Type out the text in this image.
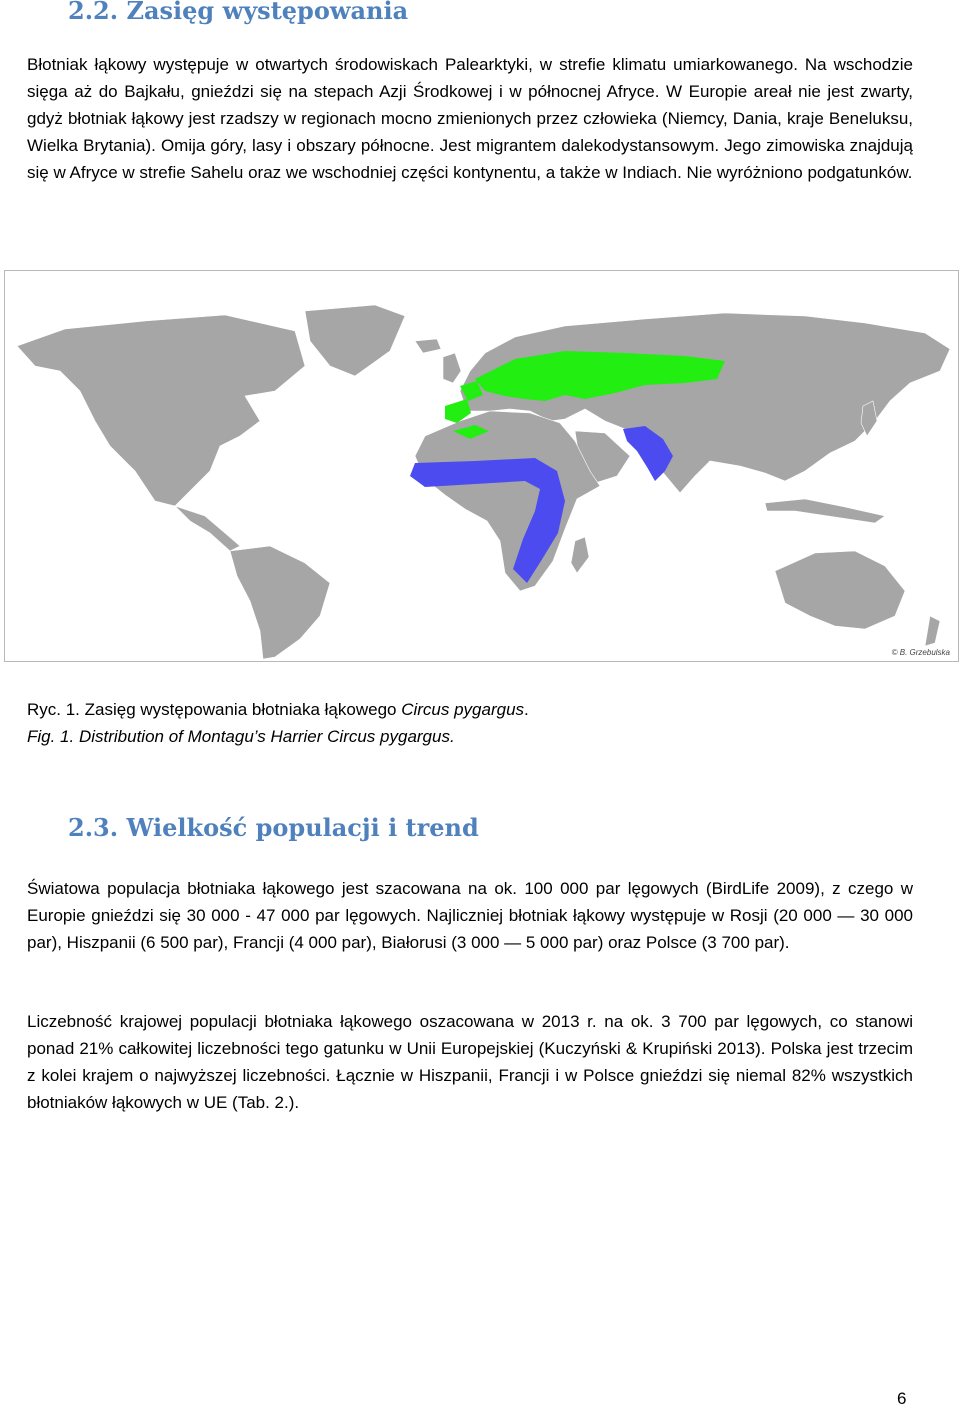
2.2. Zasięg występowania

Błotniak łąkowy występuje w otwartych środowiskach Palearktyki, w strefie klimatu umiarkowanego. Na wschodzie sięga aż do Bajkału, gnieździ się na stepach Azji Środkowej i w północnej Afryce. W Europie areał nie jest zwarty, gdyż błotniak łąkowy jest rzadszy w regionach mocno zmienionych przez człowieka (Niemcy, Dania, kraje Beneluksu, Wielka Brytania). Omija góry, lasy i obszary północne. Jest migrantem dalekodystansowym. Jego zimowiska znajdują się w Afryce w strefie Sahelu oraz we wschodniej części kontynentu, a także w Indiach. Nie wyróżniono podgatunków.

© B. Grzebulska

Ryc. 1. Zasięg występowania błotniaka łąkowego Circus pygargus.

Fig. 1. Distribution of Montagu’s Harrier Circus pygargus.

2.3. Wielkość populacji i trend

Światowa populacja błotniaka łąkowego jest szacowana na ok. 100 000 par lęgowych (BirdLife 2009), z czego w Europie gnieździ się 30 000 - 47 000 par lęgowych. Najliczniej błotniak łąkowy występuje w Rosji (20 000 — 30 000 par), Hiszpanii (6 500 par), Francji (4 000 par), Białorusi (3 000 — 5 000 par) oraz Polsce (3 700 par).

Liczebność krajowej populacji błotniaka łąkowego oszacowana w 2013 r. na ok. 3 700 par lęgowych, co stanowi ponad 21% całkowitej liczebności tego gatunku w Unii Europejskiej (Kuczyński & Krupiński 2013). Polska jest trzecim z kolei krajem o najwyższej liczebności. Łącznie w Hiszpanii, Francji i w Polsce gnieździ się niemal 82% wszystkich błotniaków łąkowych w UE (Tab. 2.).

6
